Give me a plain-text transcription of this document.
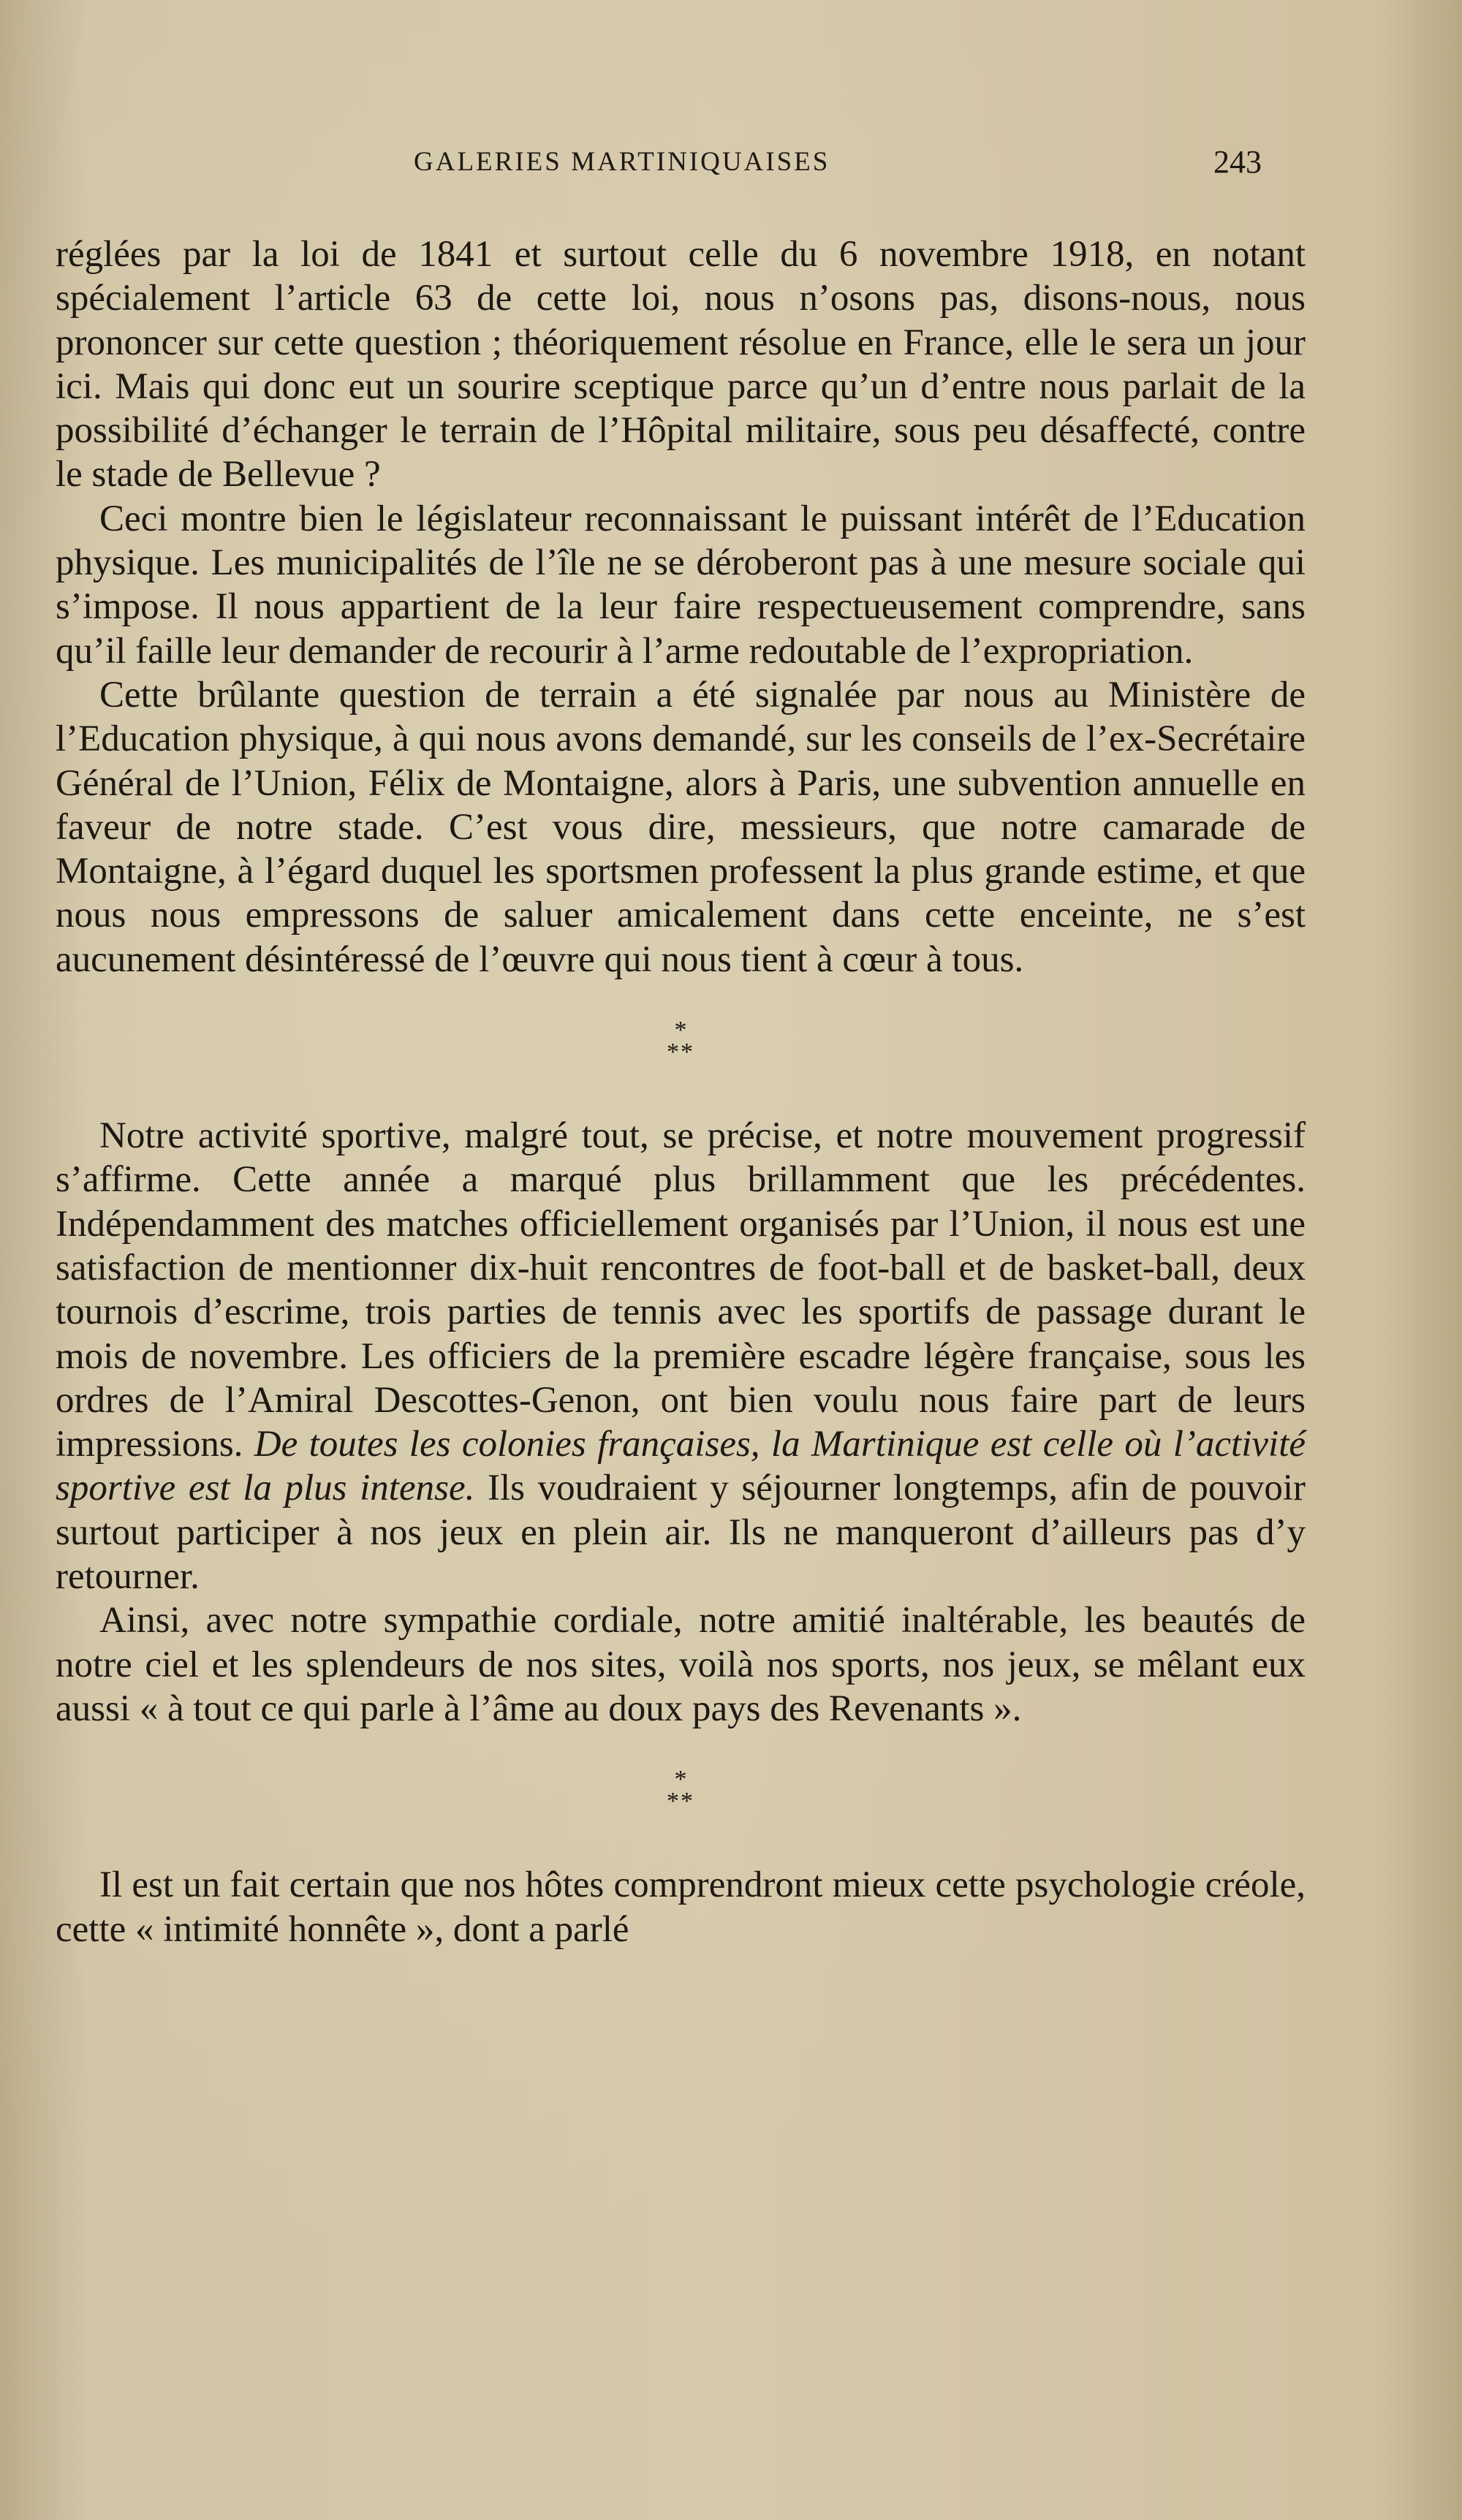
GALERIES MARTINIQUAISES	243

réglées par la loi de 1841 et surtout celle du 6 novembre 1918, en notant spécialement l’article 63 de cette loi, nous n’osons pas, disons-nous, nous prononcer sur cette question ; théoriquement résolue en France, elle le sera un jour ici. Mais qui donc eut un sourire sceptique parce qu’un d’entre nous parlait de la possibilité d’échanger le terrain de l’Hôpital militaire, sous peu désaffecté, contre le stade de Bellevue ?

Ceci montre bien le législateur reconnaissant le puissant intérêt de l’Education physique. Les municipalités de l’île ne se déroberont pas à une mesure sociale qui s’impose. Il nous appartient de la leur faire respectueusement comprendre, sans qu’il faille leur demander de recourir à l’arme redoutable de l’expropriation.

Cette brûlante question de terrain a été signalée par nous au Ministère de l’Education physique, à qui nous avons demandé, sur les conseils de l’ex-Secrétaire Général de l’Union, Félix de Montaigne, alors à Paris, une subvention annuelle en faveur de notre stade. C’est vous dire, messieurs, que notre camarade de Montaigne, à l’égard duquel les sportsmen professent la plus grande estime, et que nous nous empressons de saluer amicalement dans cette enceinte, ne s’est aucunement désintéressé de l’œuvre qui nous tient à cœur à tous.

*
**

Notre activité sportive, malgré tout, se précise, et notre mouvement progressif s’affirme. Cette année a marqué plus brillamment que les précédentes. Indépendamment des matches officiellement organisés par l’Union, il nous est une satisfaction de mentionner dix-huit rencontres de foot-ball et de basket-ball, deux tournois d’escrime, trois parties de tennis avec les sportifs de passage durant le mois de novembre. Les officiers de la première escadre légère française, sous les ordres de l’Amiral Descottes-Genon, ont bien voulu nous faire part de leurs impressions. De toutes les colonies françaises, la Martinique est celle où l’activité sportive est la plus intense. Ils voudraient y séjourner longtemps, afin de pouvoir surtout participer à nos jeux en plein air. Ils ne manqueront d’ailleurs pas d’y retourner.

Ainsi, avec notre sympathie cordiale, notre amitié inaltérable, les beautés de notre ciel et les splendeurs de nos sites, voilà nos sports, nos jeux, se mêlant eux aussi « à tout ce qui parle à l’âme au doux pays des Revenants ».

*
**

Il est un fait certain que nos hôtes comprendront mieux cette psychologie créole, cette « intimité honnête », dont a parlé
